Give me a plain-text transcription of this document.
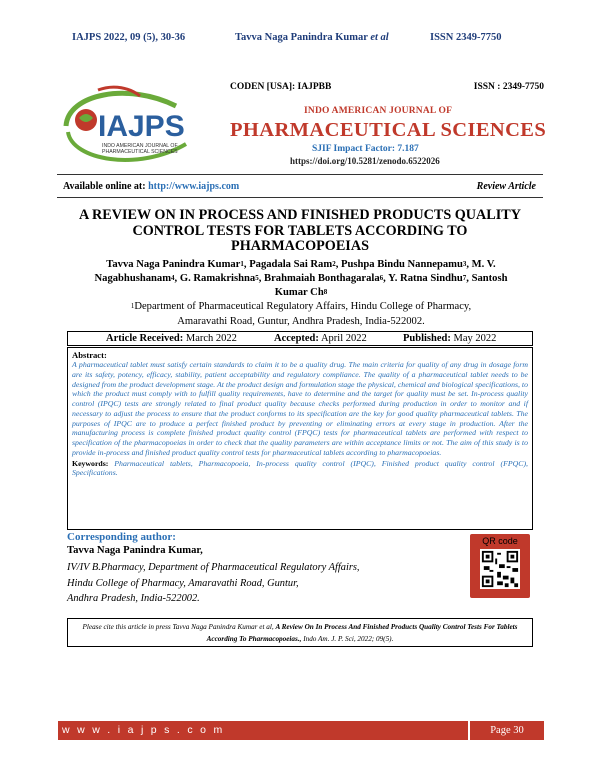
IAJPS 2022, 09 (5), 30-36	Tavva Naga Panindra Kumar et al	ISSN 2349-7750
IAJPS
INDO AMERICAN JOURNAL OF
PHARMACEUTICAL SCIENCES
CODEN [USA]: IAJPBB	ISSN : 2349-7750
INDO AMERICAN JOURNAL OF
PHARMACEUTICAL SCIENCES
SJIF Impact Factor: 7.187
https://doi.org/10.5281/zenodo.6522026
Available online at: http://www.iajps.com	Review Article
A REVIEW ON IN PROCESS AND FINISHED PRODUCTS QUALITY CONTROL TESTS FOR TABLETS ACCORDING TO PHARMACOPOEIAS
Tavva Naga Panindra Kumar$^1$, Pagadala Sai Ram$^2$, Pushpa Bindu Nannepamu$^3$, M. V. Nagabhushanam$^4$, G. Ramakrishna$^5$, Brahmaiah Bonthagarala$^6$, Y. Ratna Sindhu$^7$, Santosh Kumar Ch$^8$
$^1$Department of Pharmaceutical Regulatory Affairs, Hindu College of Pharmacy,
Amaravathi Road, Guntur, Andhra Pradesh, India-522002.
Article Received: March 2022	Accepted: April 2022	Published: May 2022
Abstract:
A pharmaceutical tablet must satisfy certain standards to claim it to be a quality drug. The main criteria for quality of any drug in dosage form are its safety, potency, efficacy, stability, patient acceptability and regulatory compliance. The quality of a pharmaceutical tablet needs to be designed from the product development stage. At the product design and formulation stage the physical, chemical and biological specifications, to which the product must comply with to fulfill quality requirements, have to determine and the target for quality must be set. In-process quality control (IPQC) tests are strongly related to final product quality because checks performed during production in order to monitor and if necessary to adjust the process to ensure that the product conforms to its specification are the key for good quality pharmaceutical tablets. The purposes of IPQC are to produce a perfect finished product by preventing or eliminating errors at every stage in production. After the manufacturing process is complete finished product quality control (FPQC) tests for pharmaceutical tablets are performed with respect to specification of the pharmacopoeias in order to check that the quality parameters are within acceptance limits or not. The aim of this study is to provide in-process and finished product quality control tests for pharmaceutical tablets according to pharmacopoeias.
Keywords: Pharmaceutical tablets, Pharmacopoeia, In-process quality control (IPQC), Finished product quality control (FPQC), Specifications.
Corresponding author:
Tavva Naga Panindra Kumar,
IV/IV B.Pharmacy, Department of Pharmaceutical Regulatory Affairs,
Hindu College of Pharmacy, Amaravathi Road, Guntur,
Andhra Pradesh, India-522002.
QR code
Please cite this article in press Tavva Naga Panindra Kumar et al, A Review On In Process And Finished Products Quality Control Tests For Tablets According To Pharmacopoeias., Indo Am. J. P. Sci, 2022; 09(5).
w w w . i a j p s . c o m	Page 30
